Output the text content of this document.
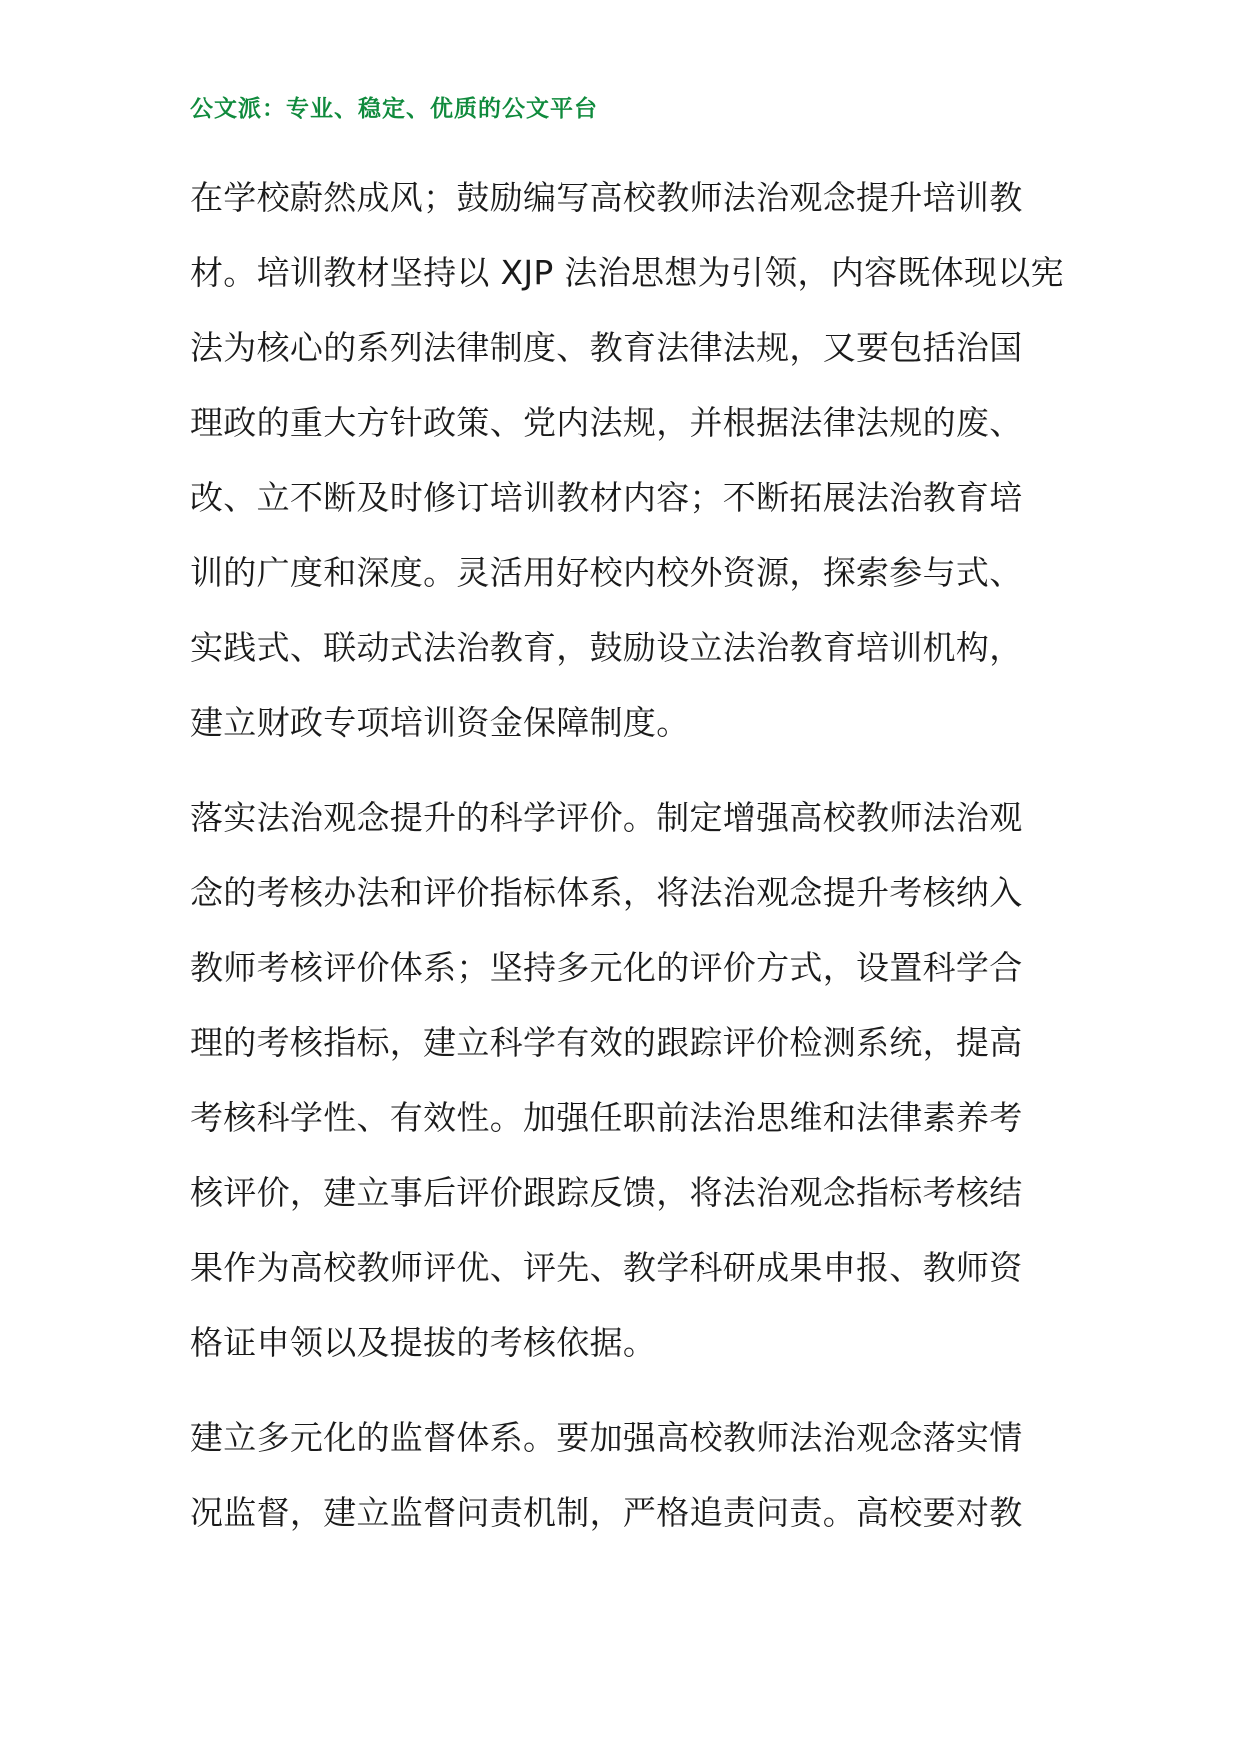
公文派：专业、稳定、优质的公文平台
在学校蔚然成风；鼓励编写高校教师法治观念提升培训教
材。培训教材坚持以 XJP 法治思想为引领，内容既体现以宪
法为核心的系列法律制度、教育法律法规，又要包括治国
理政的重大方针政策、党内法规，并根据法律法规的废、
改、立不断及时修订培训教材内容；不断拓展法治教育培
训的广度和深度。灵活用好校内校外资源，探索参与式、
实践式、联动式法治教育，鼓励设立法治教育培训机构，
建立财政专项培训资金保障制度。
落实法治观念提升的科学评价。制定增强高校教师法治观
念的考核办法和评价指标体系，将法治观念提升考核纳入
教师考核评价体系；坚持多元化的评价方式，设置科学合
理的考核指标，建立科学有效的跟踪评价检测系统，提高
考核科学性、有效性。加强任职前法治思维和法律素养考
核评价，建立事后评价跟踪反馈，将法治观念指标考核结
果作为高校教师评优、评先、教学科研成果申报、教师资
格证申领以及提拔的考核依据。
建立多元化的监督体系。要加强高校教师法治观念落实情
况监督，建立监督问责机制，严格追责问责。高校要对教
